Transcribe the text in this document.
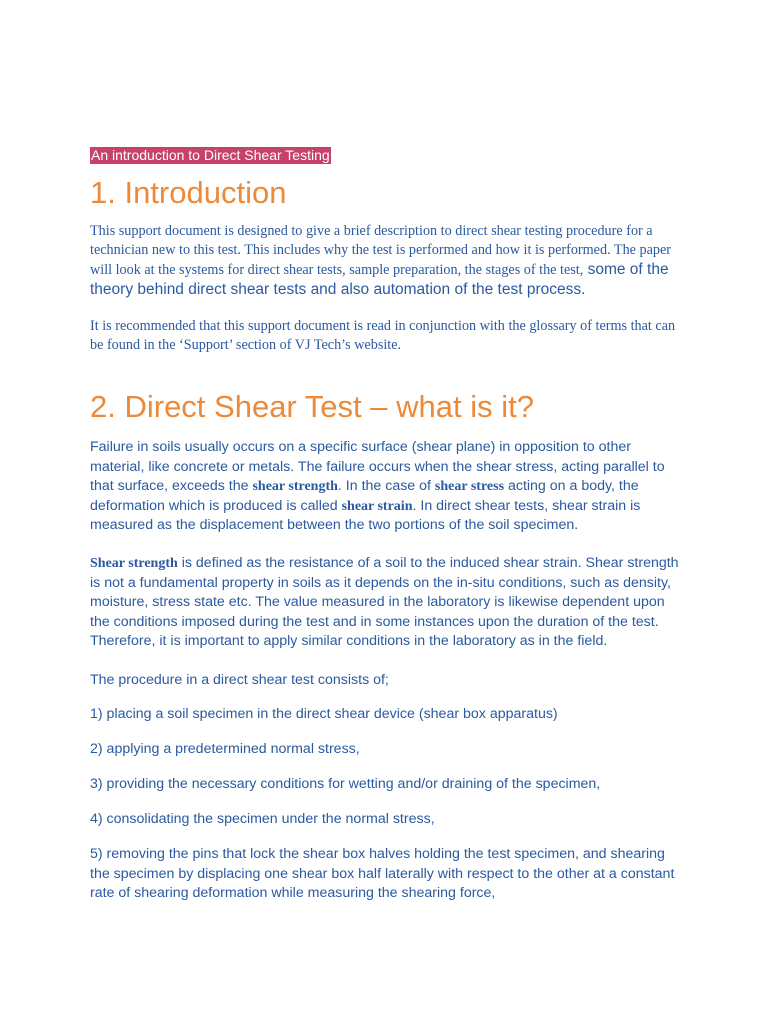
An introduction to Direct Shear Testing
1. Introduction
This support document is designed to give a brief description to direct shear testing procedure for a technician new to this test. This includes why the test is performed and how it is performed. The paper will look at the systems for direct shear tests, sample preparation, the stages of the test, some of the theory behind direct shear tests and also automation of the test process.
It is recommended that this support document is read in conjunction with the glossary of terms that can be found in the ‘Support’ section of VJ Tech’s website.
2. Direct Shear Test – what is it?
Failure in soils usually occurs on a specific surface (shear plane) in opposition to other material, like concrete or metals. The failure occurs when the shear stress, acting parallel to that surface, exceeds the shear strength. In the case of shear stress acting on a body, the deformation which is produced is called shear strain. In direct shear tests, shear strain is measured as the displacement between the two portions of the soil specimen.
Shear strength is defined as the resistance of a soil to the induced shear strain. Shear strength is not a fundamental property in soils as it depends on the in-situ conditions, such as density, moisture, stress state etc. The value measured in the laboratory is likewise dependent upon the conditions imposed during the test and in some instances upon the duration of the test. Therefore, it is important to apply similar conditions in the laboratory as in the field.
The procedure in a direct shear test consists of;
1) placing a soil specimen in the direct shear device (shear box apparatus)
2) applying a predetermined normal stress,
3) providing the necessary conditions for wetting and/or draining of the specimen,
4) consolidating the specimen under the normal stress,
5) removing the pins that lock the shear box halves holding the test specimen, and shearing the specimen by displacing one shear box half laterally with respect to the other at a constant rate of shearing deformation while measuring the shearing force,
